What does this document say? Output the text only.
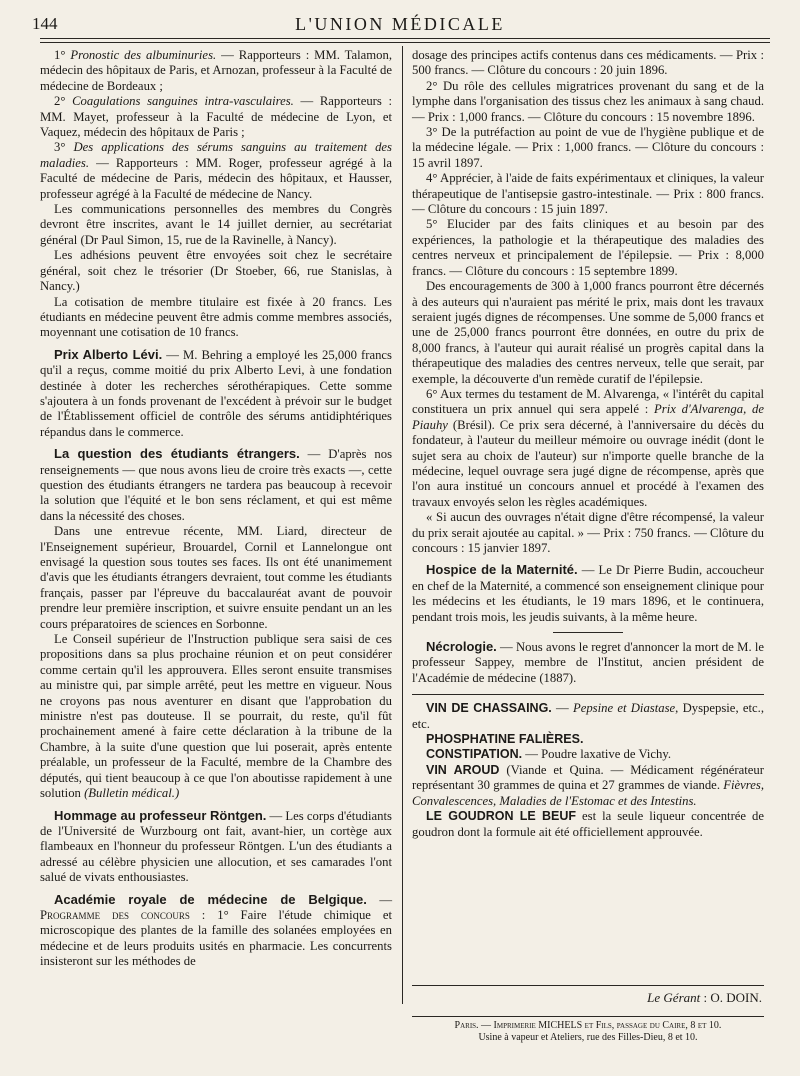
144	L'UNION MÉDICALE

1° Pronostic des albuminuries. — Rapporteurs : MM. Talamon, médecin des hôpitaux de Paris, et Arnozan, professeur à la Faculté de médecine de Bordeaux ;

2° Coagulations sanguines intra-vasculaires. — Rapporteurs : MM. Mayet, professeur à la Faculté de médecine de Lyon, et Vaquez, médecin des hôpitaux de Paris ;

3° Des applications des sérums sanguins au traitement des maladies. — Rapporteurs : MM. Roger, professeur agrégé à la Faculté de médecine de Paris, médecin des hôpitaux, et Hausser, professeur agrégé à la Faculté de médecine de Nancy.

Les communications personnelles des membres du Congrès devront être inscrites, avant le 14 juillet dernier, au secrétariat général (Dr Paul Simon, 15, rue de la Ravinelle, à Nancy).

Les adhésions peuvent être envoyées soit chez le secrétaire général, soit chez le trésorier (Dr Stoeber, 66, rue Stanislas, à Nancy.)

La cotisation de membre titulaire est fixée à 20 francs. Les étudiants en médecine peuvent être admis comme membres associés, moyennant une cotisation de 10 francs.

Prix Alberto Lévi. — M. Behring a employé les 25,000 francs qu'il a reçus, comme moitié du prix Alberto Levi, à une fondation destinée à doter les recherches sérothérapiques. Cette somme s'ajoutera à un fonds provenant de l'excédent à prévoir sur le budget de l'Établissement officiel de contrôle des sérums antidiphtériques répandus dans le commerce.

La question des étudiants étrangers. — D'après nos renseignements — que nous avons lieu de croire très exacts —, cette question des étudiants étrangers ne tardera pas beaucoup à recevoir la solution que l'équité et le bon sens réclament, et qui est même dans la nécessité des choses.

Dans une entrevue récente, MM. Liard, directeur de l'Enseignement supérieur, Brouardel, Cornil et Lannelongue ont envisagé la question sous toutes ses faces. Ils ont été unanimement d'avis que les étudiants étrangers devraient, tout comme les étudiants français, passer par l'épreuve du baccalauréat avant de pouvoir prendre leur première inscription, et suivre ensuite pendant un an les cours préparatoires de sciences en Sorbonne.

Le Conseil supérieur de l'Instruction publique sera saisi de ces propositions dans sa plus prochaine réunion et on peut considérer comme certain qu'il les approuvera. Elles seront ensuite transmises au ministre qui, par simple arrêté, peut les mettre en vigueur. Nous ne croyons pas nous aventurer en disant que l'approbation du ministre n'est pas douteuse. Il se pourrait, du reste, qu'il fût prochainement amené à faire cette déclaration à la tribune de la Chambre, à la suite d'une question que lui poserait, après entente préalable, un professeur de la Faculté, membre de la Chambre des députés, qui tient beaucoup à ce que l'on aboutisse rapidement à une solution (Bulletin médical.)

Hommage au professeur Röntgen. — Les corps d'étudiants de l'Université de Wurzbourg ont fait, avant-hier, un cortège aux flambeaux en l'honneur du professeur Röntgen. L'un des étudiants a adressé au célèbre physicien une allocution, et ses camarades l'ont salué de vivats enthousiastes.

Académie royale de médecine de Belgique. — Programme des concours : 1° Faire l'étude chimique et microscopique des plantes de la famille des solanées employées en médecine et de leurs produits usités en pharmacie. Les concurrents insisteront sur les méthodes de

dosage des principes actifs contenus dans ces médicaments. — Prix : 500 francs. — Clôture du concours : 20 juin 1896.

2° Du rôle des cellules migratrices provenant du sang et de la lymphe dans l'organisation des tissus chez les animaux à sang chaud. — Prix : 1,000 francs. — Clôture du concours : 15 novembre 1896.

3° De la putréfaction au point de vue de l'hygiène publique et de la médecine légale. — Prix : 1,000 francs. — Clôture du concours : 15 avril 1897.

4° Apprécier, à l'aide de faits expérimentaux et cliniques, la valeur thérapeutique de l'antisepsie gastro-intestinale. — Prix : 800 francs. — Clôture du concours : 15 juin 1897.

5° Elucider par des faits cliniques et au besoin par des expériences, la pathologie et la thérapeutique des maladies des centres nerveux et principalement de l'épilepsie. — Prix : 8,000 francs. — Clôture du concours : 15 septembre 1899.

Des encouragements de 300 à 1,000 francs pourront être décernés à des auteurs qui n'auraient pas mérité le prix, mais dont les travaux seraient jugés dignes de récompenses. Une somme de 5,000 francs et une de 25,000 francs pourront être données, en outre du prix de 8,000 francs, à l'auteur qui aurait réalisé un progrès capital dans la thérapeutique des maladies des centres nerveux, telle que serait, par exemple, la découverte d'un remède curatif de l'épilepsie.

6° Aux termes du testament de M. Alvarenga, « l'intérêt du capital constituera un prix annuel qui sera appelé : Prix d'Alvarenga, de Piauhy (Brésil). Ce prix sera décerné, à l'anniversaire du décès du fondateur, à l'auteur du meilleur mémoire ou ouvrage inédit (dont le sujet sera au choix de l'auteur) sur n'importe quelle branche de la médecine, lequel ouvrage sera jugé digne de récompense, après que l'on aura institué un concours annuel et procédé à l'examen des travaux envoyés selon les règles académiques.

« Si aucun des ouvrages n'était digne d'être récompensé, la valeur du prix serait ajoutée au capital. » — Prix : 750 francs. — Clôture du concours : 15 janvier 1897.

Hospice de la Maternité. — Le Dr Pierre Budin, accoucheur en chef de la Maternité, a commencé son enseignement clinique pour les médecins et les étudiants, le 19 mars 1896, et le continuera, pendant trois mois, les jeudis suivants, à la même heure.

Nécrologie. — Nous avons le regret d'annoncer la mort de M. le professeur Sappey, membre de l'Institut, ancien président de l'Académie de médecine (1887).

VIN DE CHASSAING. — Pepsine et Diastase, Dyspepsie, etc., etc.

PHOSPHATINE FALIÈRES.

CONSTIPATION. — Poudre laxative de Vichy.

VIN AROUD (Viande et Quina. — Médicament régénérateur représentant 30 grammes de quina et 27 grammes de viande. Fièvres, Convalescences, Maladies de l'Estomac et des Intestins.

LE GOUDRON LE BEUF est la seule liqueur concentrée de goudron dont la formule ait été officiellement approuvée.

Le Gérant : O. DOIN.
Paris. — Imprimerie MICHELS et Fils, passage du Caire, 8 et 10.
Usine à vapeur et Ateliers, rue des Filles-Dieu, 8 et 10.
